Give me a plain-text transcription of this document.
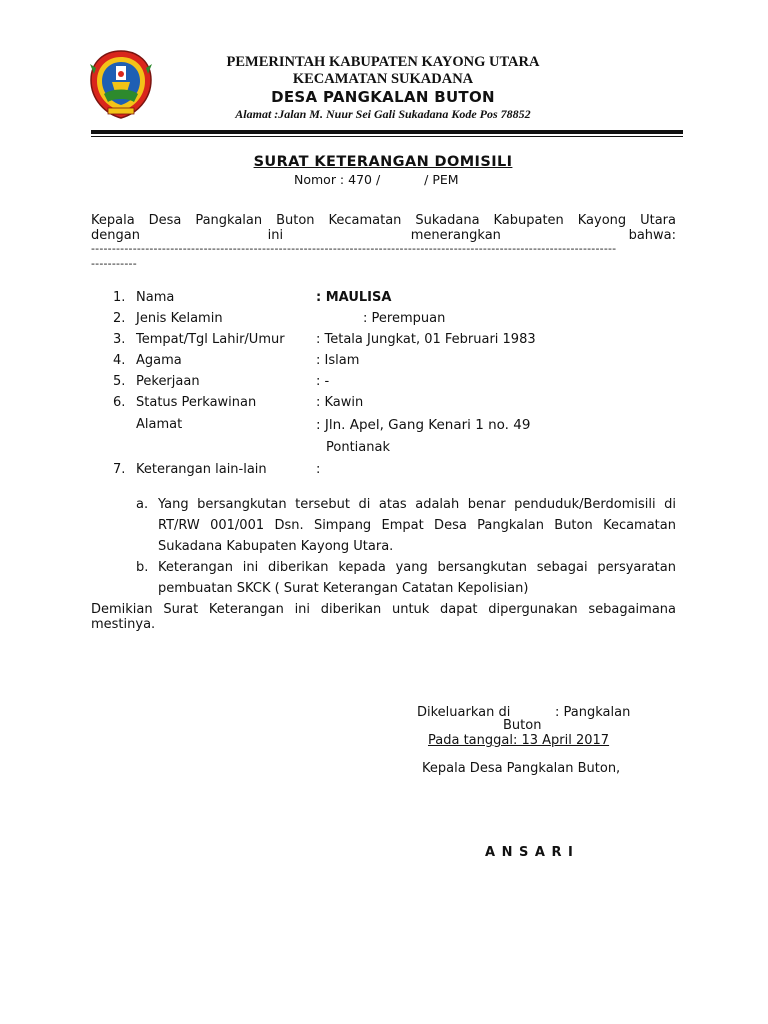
PEMERINTAH KABUPATEN KAYONG UTARA
KECAMATAN SUKADANA
DESA PANGKALAN BUTON
Alamat :Jalan M. Nuur Sei Gali Sukadana Kode Pos 78852
SURAT KETERANGAN DOMISILI
Nomor : 470 /	/ PEM
Kepala Desa Pangkalan Buton Kecamatan Sukadana Kabupaten Kayong Utara
dengan	ini	menerangkan	bahwa:
------------------------------------------------------------------------------------------------------------------------------
-----------
1. Nama	: MAULISA
2. Jenis Kelamin	: Perempuan
3. Tempat/Tgl Lahir/Umur : Tetala Jungkat, 01 Februari 1983
4. Agama	: Islam
5. Pekerjaan	: -
6. Status Perkawinan	: Kawin
Alamat	: Jln. Apel, Gang Kenari 1 no. 49
Pontianak
7. Keterangan lain-lain	:
a. Yang bersangkutan tersebut di atas adalah benar penduduk/Berdomisili di
RT/RW 001/001 Dsn. Simpang Empat Desa Pangkalan Buton Kecamatan
Sukadana Kabupaten Kayong Utara.
b. Keterangan ini diberikan kepada yang bersangkutan sebagai persyaratan
pembuatan SKCK ( Surat Keterangan Catatan Kepolisian)
Demikian Surat Keterangan ini diberikan untuk dapat dipergunakan sebagaimana
mestinya.
Dikeluarkan di	: Pangkalan
Buton
Pada tanggal: 13 April 2017
Kepala Desa Pangkalan Buton,
A N S A R I
